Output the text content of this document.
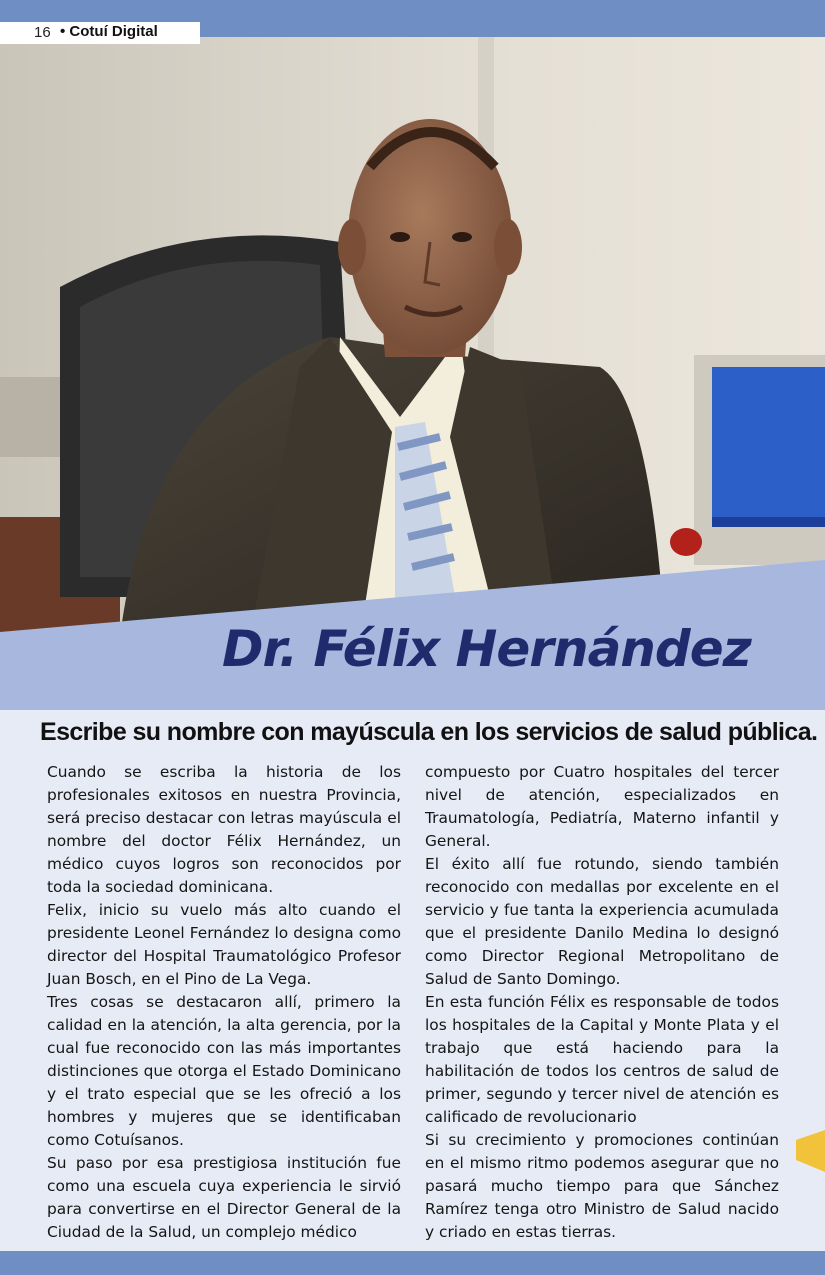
16 • Cotuí Digital
Dr. Félix Hernández
Escribe su nombre con mayúscula en los servicios de salud pública.

Cuando se escriba la historia de los profesionales exitosos en nuestra Provincia, será preciso destacar con letras mayúscula el nombre del doctor Félix Hernández, un médico cuyos logros son reconocidos por toda la sociedad dominicana.

Felix, inicio su vuelo más alto cuando el presidente Leonel Fernández lo designa como director del Hospital Traumatológico Profesor Juan Bosch, en el Pino de La Vega.

Tres cosas se destacaron allí, primero la calidad en la atención, la alta gerencia, por la cual fue reconocido con las más importantes distinciones que otorga el Estado Dominicano y el trato especial que se les ofreció a los hombres y mujeres que se identificaban como Cotuísanos.

Su paso por esa prestigiosa institución fue como una escuela cuya experiencia le sirvió para convertirse en el Director General de la Ciudad de la Salud, un complejo médico

compuesto por Cuatro hospitales del tercer nivel de atención, especializados en Traumatología, Pediatría, Materno infantil y General.

El éxito allí fue rotundo, siendo también reconocido con medallas por excelente en el servicio y fue tanta la experiencia acumulada que el presidente Danilo Medina lo designó como Director Regional Metropolitano de Salud de Santo Domingo.

En esta función Félix es responsable de todos los hospitales de la Capital y Monte Plata y el trabajo que está haciendo para la habilitación de todos los centros de salud de primer, segundo y tercer nivel de atención es calificado de revolucionario

Si su crecimiento y promociones continúan en el mismo ritmo podemos asegurar que no pasará mucho tiempo para que Sánchez Ramírez tenga otro Ministro de Salud nacido y criado en estas tierras.
